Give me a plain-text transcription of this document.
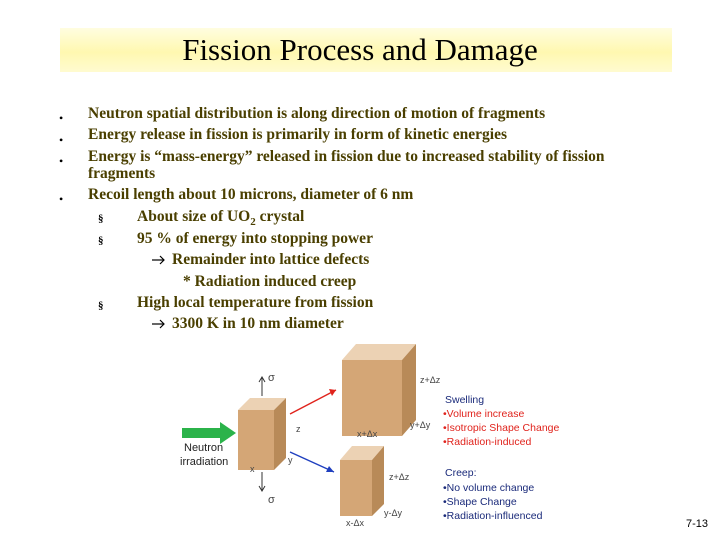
Fission Process and Damage
• Neutron spatial distribution is along direction of motion of fragments
• Energy release in fission is primarily in form of kinetic energies
• Energy is “mass-energy” released in fission due to increased stability of fission
fragments
• Recoil length about 10 microns, diameter of 6 nm
§ About size of $UO_2$ crystal
§ 95 % of energy into stopping power
Remainder into lattice defects
* Radiation induced creep
§ High local temperature from fission
3300 K in 10 nm diameter
σ
σ
z
x
y
Neutron
irradiation
z+Δz
x+Δx
y+Δy
z+Δz
x-Δx
y-Δy
Swelling
•Volume increase
•Isotropic Shape Change
•Radiation-induced
Creep:
•No volume change
•Shape Change
•Radiation-influenced
7-13
